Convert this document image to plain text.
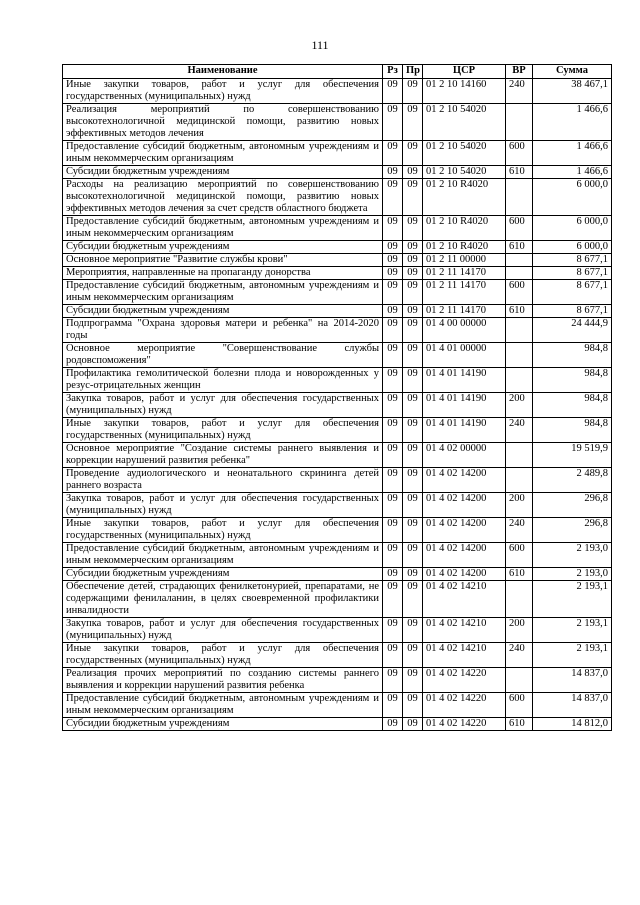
111
Наименование	Рз	Пр	ЦСР	ВР	Сумма
Иные закупки товаров, работ и услуг для обеспечения государственных (муниципальных) нужд	09	09	01 2 10 14160	240	38 467,1
Реализация мероприятий по совершенствованию высокотехнологичной медицинской помощи, развитию новых эффективных методов лечения	09	09	01 2 10 54020		1 466,6
Предоставление субсидий бюджетным, автономным учреждениям и иным некоммерческим организациям	09	09	01 2 10 54020	600	1 466,6
Субсидии бюджетным учреждениям	09	09	01 2 10 54020	610	1 466,6
Расходы на реализацию мероприятий по совершенствованию высокотехнологичной медицинской помощи, развитию новых эффективных методов лечения за счет средств областного бюджета	09	09	01 2 10 R4020		6 000,0
Предоставление субсидий бюджетным, автономным учреждениям и иным некоммерческим организациям	09	09	01 2 10 R4020	600	6 000,0
Субсидии бюджетным учреждениям	09	09	01 2 10 R4020	610	6 000,0
Основное мероприятие "Развитие службы крови"	09	09	01 2 11 00000		8 677,1
Мероприятия, направленные на пропаганду донорства	09	09	01 2 11 14170		8 677,1
Предоставление субсидий бюджетным, автономным учреждениям и иным некоммерческим организациям	09	09	01 2 11 14170	600	8 677,1
Субсидии бюджетным учреждениям	09	09	01 2 11 14170	610	8 677,1
Подпрограмма "Охрана здоровья матери и ребенка" на 2014-2020 годы	09	09	01 4 00 00000		24 444,9
Основное мероприятие "Совершенствование службы родовспоможения"	09	09	01 4 01 00000		984,8
Профилактика гемолитической болезни плода и новорожденных у резус-отрицательных женщин	09	09	01 4 01 14190		984,8
Закупка товаров, работ и услуг для обеспечения государственных (муниципальных) нужд	09	09	01 4 01 14190	200	984,8
Иные закупки товаров, работ и услуг для обеспечения государственных (муниципальных) нужд	09	09	01 4 01 14190	240	984,8
Основное мероприятие "Создание системы раннего выявления и коррекции нарушений развития ребенка"	09	09	01 4 02 00000		19 519,9
Проведение аудиологического и неонатального скрининга детей раннего возраста	09	09	01 4 02 14200		2 489,8
Закупка товаров, работ и услуг для обеспечения государственных (муниципальных) нужд	09	09	01 4 02 14200	200	296,8
Иные закупки товаров, работ и услуг для обеспечения государственных (муниципальных) нужд	09	09	01 4 02 14200	240	296,8
Предоставление субсидий бюджетным, автономным учреждениям и иным некоммерческим организациям	09	09	01 4 02 14200	600	2 193,0
Субсидии бюджетным учреждениям	09	09	01 4 02 14200	610	2 193,0
Обеспечение детей, страдающих фенилкетонурией, препаратами, не содержащими фенилаланин, в целях своевременной профилактики инвалидности	09	09	01 4 02 14210		2 193,1
Закупка товаров, работ и услуг для обеспечения государственных (муниципальных) нужд	09	09	01 4 02 14210	200	2 193,1
Иные закупки товаров, работ и услуг для обеспечения государственных (муниципальных) нужд	09	09	01 4 02 14210	240	2 193,1
Реализация прочих мероприятий по созданию системы раннего выявления и коррекции нарушений развития ребенка	09	09	01 4 02 14220		14 837,0
Предоставление субсидий бюджетным, автономным учреждениям и иным некоммерческим организациям	09	09	01 4 02 14220	600	14 837,0
Субсидии бюджетным учреждениям	09	09	01 4 02 14220	610	14 812,0
